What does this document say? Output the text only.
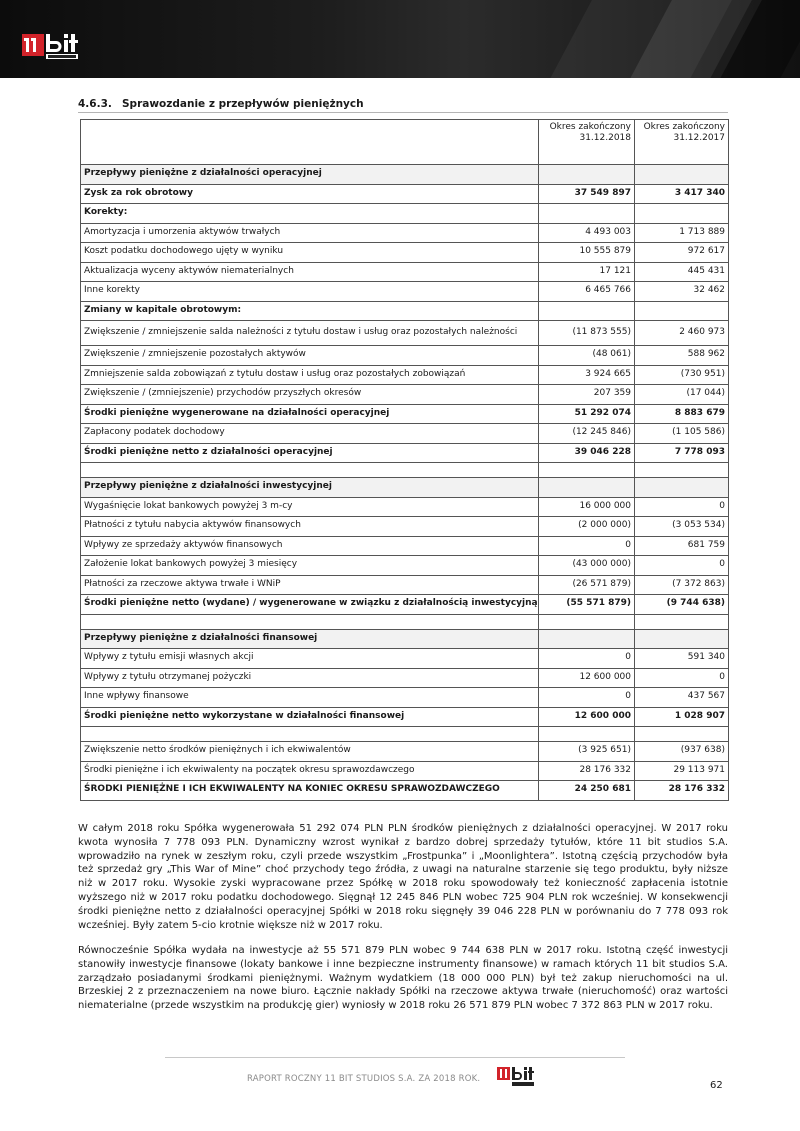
4.6.3. Sprawozdanie z przepływów pieniężnych
	Okres zakończony 31.12.2018	Okres zakończony 31.12.2017
Przepływy pieniężne z działalności operacyjnej		
Zysk za rok obrotowy	37 549 897	3 417 340
Korekty:		
Amortyzacja i umorzenia aktywów trwałych	4 493 003	1 713 889
Koszt podatku dochodowego ujęty w wyniku	10 555 879	972 617
Aktualizacja wyceny aktywów niematerialnych	17 121	445 431
Inne korekty	6 465 766	32 462
Zmiany w kapitale obrotowym:		
Zwiększenie / zmniejszenie salda należności z tytułu dostaw i usług oraz pozostałych należności	(11 873 555)	2 460 973
Zwiększenie / zmniejszenie pozostałych aktywów	(48 061)	588 962
Zmniejszenie salda zobowiązań z tytułu dostaw i usług oraz pozostałych zobowiązań	3 924 665	(730 951)
Zwiększenie / (zmniejszenie) przychodów przyszłych okresów	207 359	(17 044)
Środki pieniężne wygenerowane na działalności operacyjnej	51 292 074	8 883 679
Zapłacony podatek dochodowy	(12 245 846)	(1 105 586)
Środki pieniężne netto z działalności operacyjnej	39 046 228	7 778 093

Przepływy pieniężne z działalności inwestycyjnej		
Wygaśnięcie lokat bankowych powyżej 3 m-cy	16 000 000	0
Płatności z tytułu nabycia aktywów finansowych	(2 000 000)	(3 053 534)
Wpływy ze sprzedaży aktywów finansowych	0	681 759
Założenie lokat bankowych powyżej 3 miesięcy	(43 000 000)	0
Płatności za rzeczowe aktywa trwałe i WNiP	(26 571 879)	(7 372 863)
Środki pieniężne netto (wydane) / wygenerowane w związku z działalnością inwestycyjną	(55 571 879)	(9 744 638)

Przepływy pieniężne z działalności finansowej		
Wpływy z tytułu emisji własnych akcji	0	591 340
Wpływy z tytułu otrzymanej pożyczki	12 600 000	0
Inne wpływy finansowe	0	437 567
Środki pieniężne netto wykorzystane w działalności finansowej	12 600 000	1 028 907

Zwiększenie netto środków pieniężnych i ich ekwiwalentów	(3 925 651)	(937 638)
Środki pieniężne i ich ekwiwalenty na początek okresu sprawozdawczego	28 176 332	29 113 971
ŚRODKI PIENIĘŻNE I ICH EKWIWALENTY NA KONIEC OKRESU SPRAWOZDAWCZEGO	24 250 681	28 176 332

W całym 2018 roku Spółka wygenerowała 51 292 074 PLN PLN środków pieniężnych z działalności operacyjnej. W 2017 roku kwota wynosiła 7 778 093 PLN. Dynamiczny wzrost wynikał z bardzo dobrej sprzedaży tytułów, które 11 bit studios S.A. wprowadziło na rynek w zeszłym roku, czyli przede wszystkim „Frostpunka” i „Moonlightera”. Istotną częścią przychodów była też sprzedaż gry „This War of Mine” choć przychody tego źródła, z uwagi na naturalne starzenie się tego produktu, były niższe niż w 2017 roku. Wysokie zyski wypracowane przez Spółkę w 2018 roku spowodowały też konieczność zapłacenia istotnie wyższego niż w 2017 roku podatku dochodowego. Sięgnął 12 245 846 PLN wobec 725 904 PLN rok wcześniej. W konsekwencji środki pieniężne netto z działalności operacyjnej Spółki w 2018 roku sięgnęły 39 046 228 PLN w porównaniu do 7 778 093 rok wcześniej. Były zatem 5-cio krotnie większe niż w 2017 roku.

Równocześnie Spółka wydała na inwestycje aż 55 571 879 PLN wobec 9 744 638 PLN w 2017 roku. Istotną część inwestycji stanowiły inwestycje finansowe (lokaty bankowe i inne bezpieczne instrumenty finansowe) w ramach których 11 bit studios S.A. zarządzało posiadanymi środkami pieniężnymi. Ważnym wydatkiem (18 000 000 PLN) był też zakup nieruchomości na ul. Brzeskiej 2 z przeznaczeniem na nowe biuro. Łącznie nakłady Spółki na rzeczowe aktywa trwałe (nieruchomość) oraz wartości niematerialne (przede wszystkim na produkcję gier) wyniosły w 2018 roku 26 571 879 PLN wobec 7 372 863 PLN w 2017 roku.

RAPORT ROCZNY 11 BIT STUDIOS S.A. ZA 2018 ROK.
62
